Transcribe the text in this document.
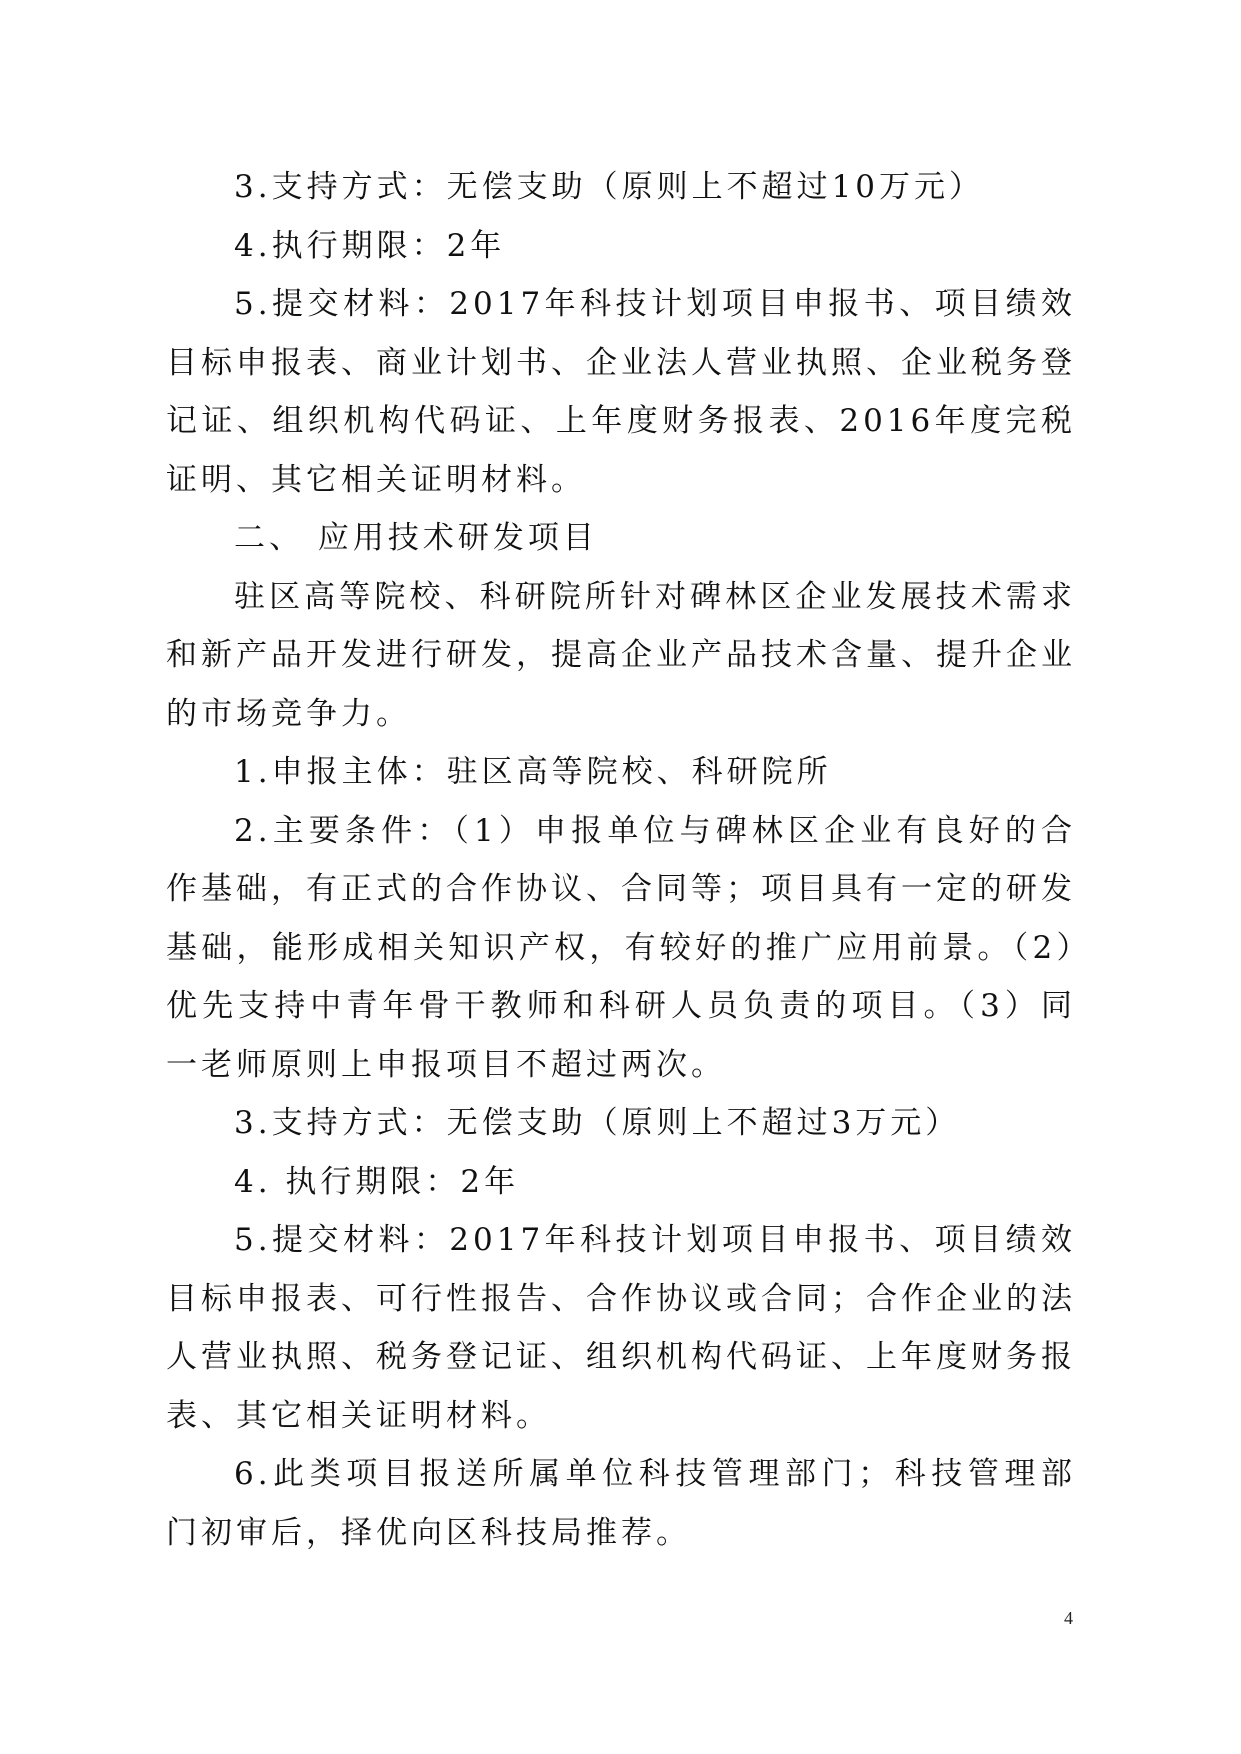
3.支持方式：无偿支助（原则上不超过10万元）

4.执行期限：2年

5.提交材料：2017年科技计划项目申报书、项目绩效目标申报表、商业计划书、企业法人营业执照、企业税务登记证、组织机构代码证、上年度财务报表、2016年度完税证明、其它相关证明材料。

二、 应用技术研发项目

驻区高等院校、科研院所针对碑林区企业发展技术需求和新产品开发进行研发，提高企业产品技术含量、提升企业的市场竞争力。

1.申报主体：驻区高等院校、科研院所

2.主要条件：（1）申报单位与碑林区企业有良好的合作基础，有正式的合作协议、合同等；项目具有一定的研发基础，能形成相关知识产权，有较好的推广应用前景。（2）优先支持中青年骨干教师和科研人员负责的项目。（3）同一老师原则上申报项目不超过两次。

3.支持方式：无偿支助（原则上不超过3万元）

4. 执行期限：2年

5.提交材料：2017年科技计划项目申报书、项目绩效目标申报表、可行性报告、合作协议或合同；合作企业的法人营业执照、税务登记证、组织机构代码证、上年度财务报表、其它相关证明材料。

6.此类项目报送所属单位科技管理部门；科技管理部门初审后，择优向区科技局推荐。

4
